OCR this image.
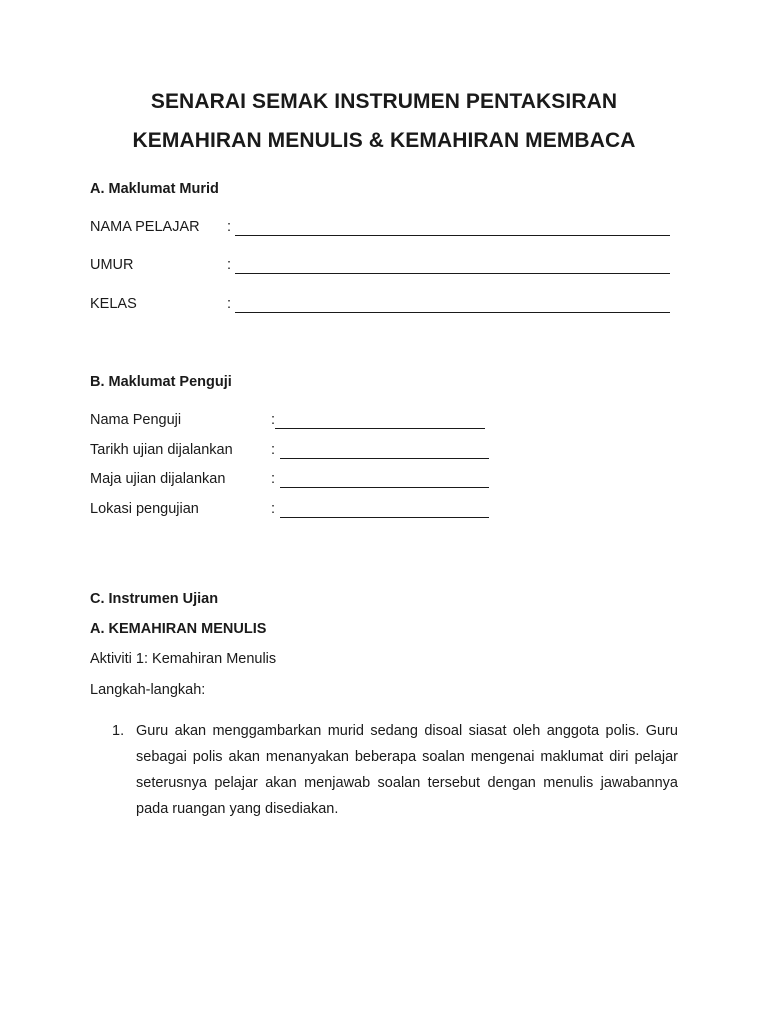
SENARAI SEMAK INSTRUMEN PENTAKSIRAN
KEMAHIRAN MENULIS & KEMAHIRAN MEMBACA
A. Maklumat Murid
NAMA PELAJAR :
UMUR	:
KELAS	:
B. Maklumat Penguji
Nama Penguji	:
Tarikh ujian dijalankan	:
Maja ujian dijalankan	:
Lokasi pengujian	:
C. Instrumen Ujian
A. KEMAHIRAN MENULIS
Aktiviti 1: Kemahiran Menulis
Langkah-langkah:
1. Guru akan menggambarkan murid sedang disoal siasat oleh anggota polis. Guru sebagai polis akan menanyakan beberapa soalan mengenai maklumat diri pelajar seterusnya pelajar akan menjawab soalan tersebut dengan menulis jawabannya pada ruangan yang disediakan.
